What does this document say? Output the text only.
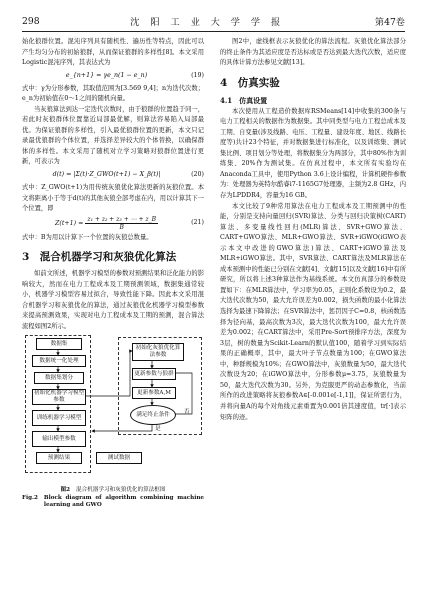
298	沈 阳 工 业 大 学 学 报	第47卷

始化狼群位置。混沌序列具有随机性、遍历性等特点，因此可以产生均匀分布的初始狼群，从而保证狼群的多样性[8]。本文采用Logistic混沌序列，其表达式为

e_{n+1} = γe_n(1 − e_n)	(19)

式中：γ为分形参数，其取值范围为[3.569 9,4]；n为迭代次数；e_n为初始值在0～1之间的随机向量。

当灰狼算法到达一定迭代次数时，由于狼群的位置趋于同一，若此时灰狼群体位置靠近局部最优解，则算法容易陷入局部最优。为保证狼群的多样性，引入最优狼群位置的更新，本文只记录最优狼群的个体位置，并选择差异较大的个体替换，以确保群体的多样性。本文采用了随机对立学习策略对狼群位置进行更新，可表示为

d(t) = |Σ(t)·Z_GWO(t+1) − X_β(t)|	(20)

式中：Z_GWO(t+1)为用传统灰狼优化算法更新的灰狼位置。本文将距离小于等于d(t)的其他灰狼全部考虑在内，用以计算其下一个位置，即

$Z(t+1) = \frac{\text{z₁ + z₂ + z₃ + ⋯ + z\_B}}{B}$	(21)

式中：B为用以计算下一个位置的灰狼总数量。

3　混合机器学习和灰狼优化算法

如前文所述，机器学习模型的参数对预测结果和泛化能力的影响较大，然而在电力工程成本及工期预测领域，数据集通常较小，机器学习模型容易过拟合，导致性能下降。因此本文采用混合机器学习和灰狼优化的算法，通过灰狼优化机器学习模型参数来提高预测效果，实现对电力工程成本及工期的预测，混合算法流程如图2所示。

数据集
数据统一化处理
数据集划分
初始化机器学习模型参数
训练机器学习模型
输出模型参数
预测结果	测试数据
初始化灰狼优化算法参数
更新参数与狼群
更新参数A,M
满足终止条件
是
否
图2 混合机器学习和灰狼优化的算法框图
Fig.2 Block diagram of algorithm combining machine learning and GWO

图2中，虚线框表示灰狼优化的算法流程。灰狼优化算法部分的终止条件为其适应度是否达标或是否达到最大迭代次数，适应度的具体计算方法参见文献[13]。

4　仿真实验
4.1　仿真设置

本次使用从工程造价数据库RSMeans[14]中收集的300条与电力工程相关的数据作为数据集。其中同类型与电力工程总成本及工期、自变量(涉及线路、电压、工程量、建设年度、地区、线路长度等)共计23个特征，并对数据集进行标准化，以及训练集、测试集比例、项目划分等处理，将数据集分为两部分，其中80%作为训练集、20%作为测试集。在仿真过程中，本文所有实验均在Anaconda工具中，使用Python 3.6上设计编程，计算机硬件参数为：处理器为英特尔酷睿i7-1165G7处理器，主频为2.8 GHz，内存为LPDDR4，容量为16 GB。

本文比较了9种常用算法在电力工程成本及工期预测中的性能，分别是支持向量回归(SVR)算法、分类与回归决策树(CART)算法、多变量线性回归(MLR)算法、SVR+GWO算法、CART+GWO算法、MLR+GWO算法、SVR+iGWO(iGWO表示本文中改进的GWO算法)算法、CART+iGWO算法及MLR+iGWO算法。其中，SVR算法、CART算法及MLR算法在成本预测中的性能已分别在文献[4]、文献[15]以及文献[16]中有所研究，所以将上述3种算法作为基线系统。本文仿真部分的参数设置如下：在MLR算法中，学习率为0.05，正则化系数设为0.2，最大迭代次数为50，最大允许误差为0.002，损失函数的最小化算法选择为最速下降算法；在SVR算法中，惩罚因子C=0.8，核函数选择为径向基，最高次数为3次，最大迭代次数为100，最大允许误差为0.002；在CART算法中，采用Pre-Sort预排序方法，深度为3层，树的数量为Scikit-Learn的默认值100，随着学习到实际结果的正确概率，其中，最大叶子节点数量为100；在GWO算法中，种群规模为10%；在GWO算法中，灰狼数量为50，最大迭代次数设为20；在iGWO算法中，分形参数μ=3.75，灰狼数量为50，最大迭代次数为30。另外，为克服更严的动态参数化，当前所作的改进策略将灰狼参数A∈[-0.001e[-1,1]]，保证所需行为，并将向量A的每个对角线元素重置为0.001倍其速度值，tr[·]表示矩阵的迹。
